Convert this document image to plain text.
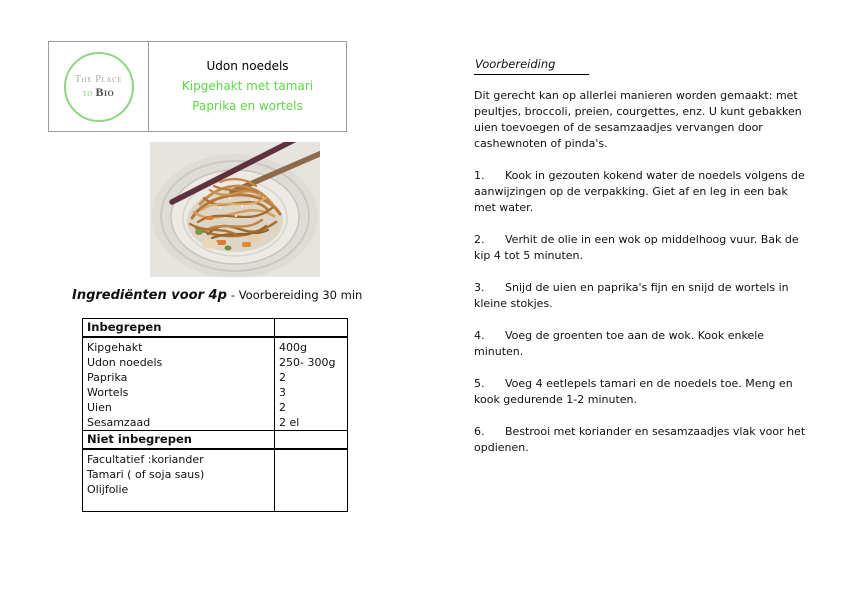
The Place
to Bio
Udon noedels
Kipgehakt met tamari
Paprika en wortels
Ingrediënten voor 4p - Voorbereiding 30 min
Inbegrepen	
Kipgehakt	400g
Udon noedels	250- 300g
Paprika	2
Wortels	3
Uien	2
Sesamzaad	2 el
Niet inbegrepen	
Facultatief :koriander	
Tamari ( of soja saus)	
Olijfolie	
Voorbereiding

Dit gerecht kan op allerlei manieren worden gemaakt: met peultjes, broccoli, preien, courgettes, enz. U kunt gebakken uien toevoegen of de sesamzaadjes vervangen door cashewnoten of pinda's.

1. Kook in gezouten kokend water de noedels volgens de aanwijzingen op de verpakking. Giet af en leg in een bak met water.

2. Verhit de olie in een wok op middelhoog vuur. Bak de kip 4 tot 5 minuten.

3. Snijd de uien en paprika's fijn en snijd de wortels in kleine stokjes.

4. Voeg de groenten toe aan de wok. Kook enkele minuten.

5. Voeg 4 eetlepels tamari en de noedels toe. Meng en kook gedurende 1-2 minuten.

6. Bestrooi met koriander en sesamzaadjes vlak voor het opdienen.
